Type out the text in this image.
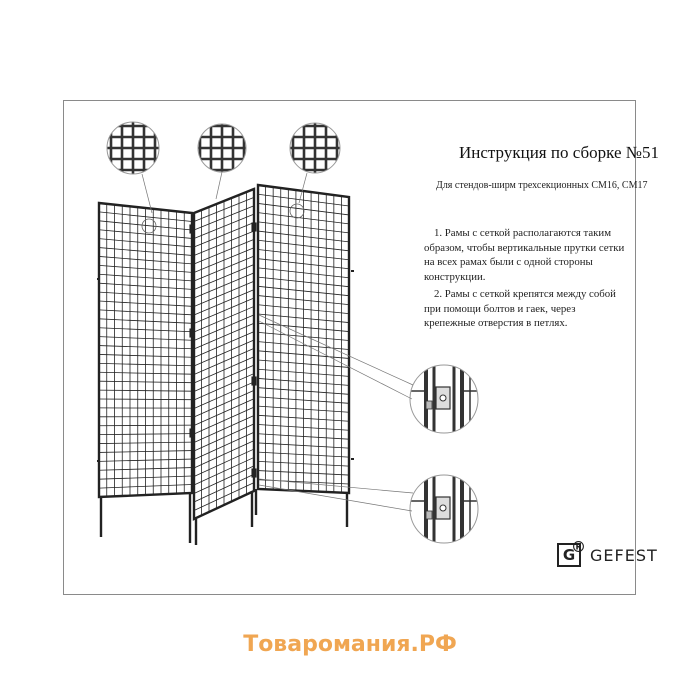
Инструкция по сборке №51
Для стендов-ширм трехсекционных СМ16, СМ17

1. Рамы с сеткой располагаются таким образом, чтобы вертикальные прутки сетки на всех рамах были с одной стороны конструкции.

2. Рамы с сеткой крепятся между собой при помощи болтов и гаек, через крепежные отверстия в петлях.

G
® GEFEST
Товаромания.РФ
